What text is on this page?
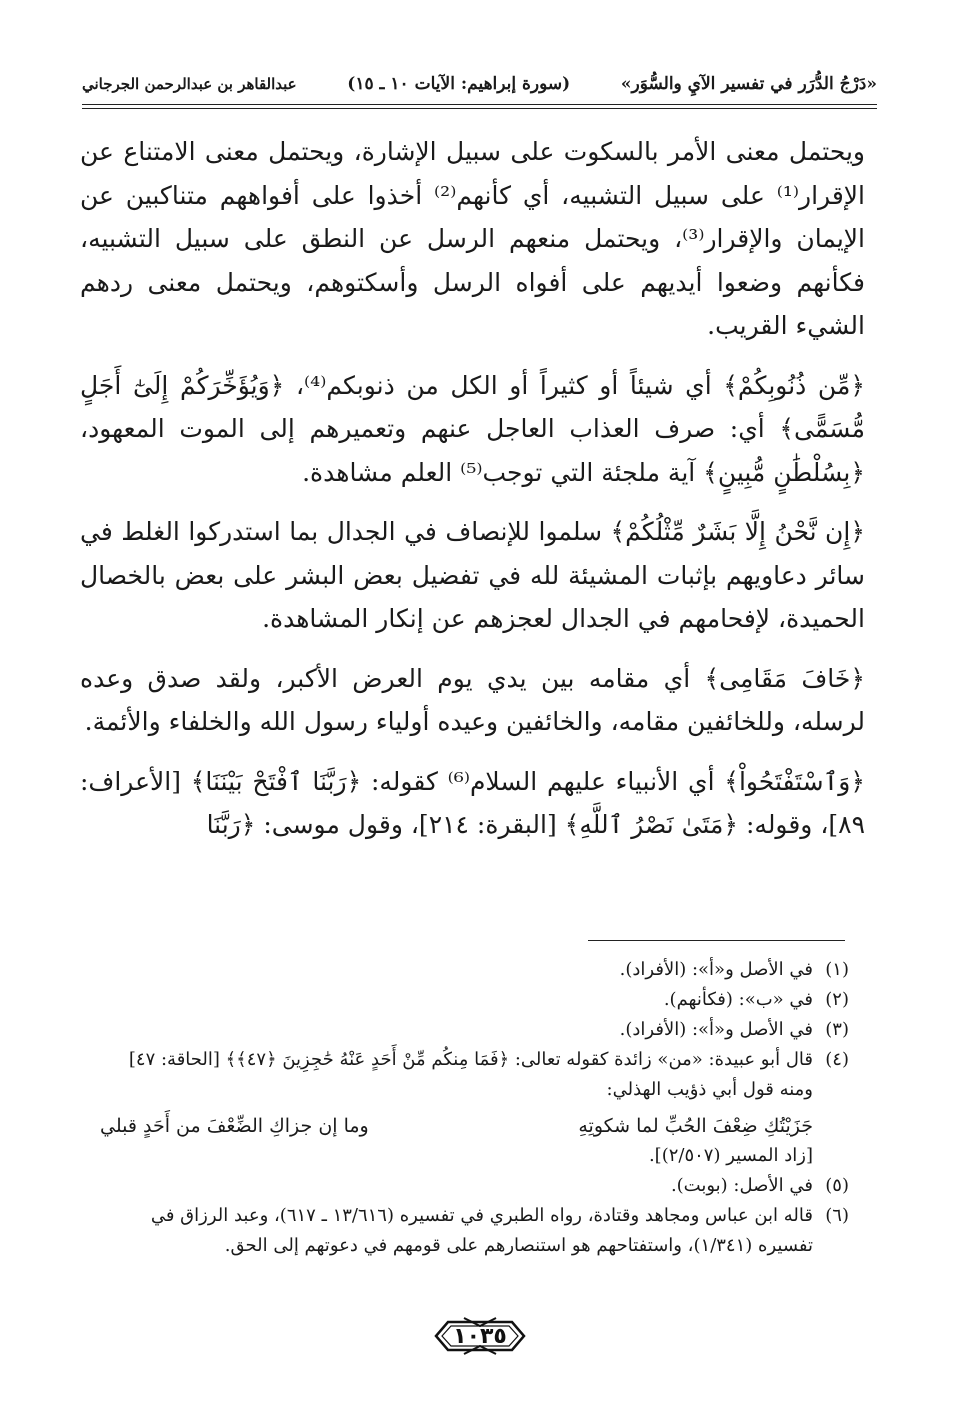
«دَرْجُ الدُّرَر في تفسير الآيِ والسُّوَر»
(سورة إبراهيم: الآيات ١٠ ـ ١٥)
عبدالقاهر بن عبدالرحمن الجرجاني

ويحتمل معنى الأمر بالسكوت على سبيل الإشارة، ويحتمل معنى الامتناع عن الإقرار⁽¹⁾ على سبيل التشبيه، أي كأنهم⁽²⁾ أخذوا على أفواههم متناكبين عن الإيمان والإقرار⁽³⁾، ويحتمل منعهم الرسل عن النطق على سبيل التشبيه، فكأنهم وضعوا أيديهم على أفواه الرسل وأسكتوهم، ويحتمل معنى ردهم الشيء القريب.

﴿مِّن ذُنُوبِكُمْ﴾ أي شيئاً أو كثيراً أو الكل من ذنوبكم⁽⁴⁾، ﴿وَيُؤَخِّرَكُمْ إِلَىٰٓ أَجَلٍ مُّسَمًّى﴾ أي: صرف العذاب العاجل عنهم وتعميرهم إلى الموت المعهود، ﴿بِسُلْطَٰنٍ مُّبِينٍ﴾ آية ملجئة التي توجب⁽⁵⁾ العلم مشاهدة.

﴿إِن نَّحْنُ إِلَّا بَشَرٌ مِّثْلُكُمْ﴾ سلموا للإنصاف في الجدال بما استدركوا الغلط في سائر دعاويهم بإثبات المشيئة لله في تفضيل بعض البشر على بعض بالخصال الحميدة، لإفحامهم في الجدال لعجزهم عن إنكار المشاهدة.

﴿خَافَ مَقَامِى﴾ أي مقامه بين يدي يوم العرض الأكبر، ولقد صدق وعده لرسله، وللخائفين مقامه، والخائفين وعيده أولياء رسول الله والخلفاء والأئمة.

﴿وَٱسْتَفْتَحُواْ﴾ أي الأنبياء عليهم السلام⁽⁶⁾ كقوله: ﴿رَبَّنَا ٱفْتَحْ بَيْنَنَا﴾ [الأعراف: ٨٩]، وقوله: ﴿مَتَىٰ نَصْرُ ٱللَّهِ﴾ [البقرة: ٢١٤]، وقول موسى: ﴿رَبَّنَا

(١)
في الأصل و«أ»: (الأفراد).
(٢)
في «ب»: (فكأنهم).
(٣)
في الأصل و«أ»: (الأفراد).
(٤)
قال أبو عبيدة: «من» زائدة كقوله تعالى: ﴿فَمَا مِنكُم مِّنْ أَحَدٍ عَنْهُ حَٰجِزِينَ ﴿٤٧﴾﴾ [الحاقة: ٤٧] ومنه قول أبي ذؤيب الهذلي:
جَزَيْتُكِ ضِعْفَ الحُبِّ لما شكوتِهِ
وما إن جزاكِ الضِّعْفَ من أَحَدٍ قبلي
[زاد المسير (٢/٥٠٧)].
(٥)
في الأصل: (بوبت).
(٦)
قاله ابن عباس ومجاهد وقتادة، رواه الطبري في تفسيره (١٣/٦١٦ ـ ٦١٧)، وعبد الرزاق في تفسيره (١/٣٤١)، واستفتاحهم هو استنصارهم على قومهم في دعوتهم إلى الحق.
١٠٣٥
